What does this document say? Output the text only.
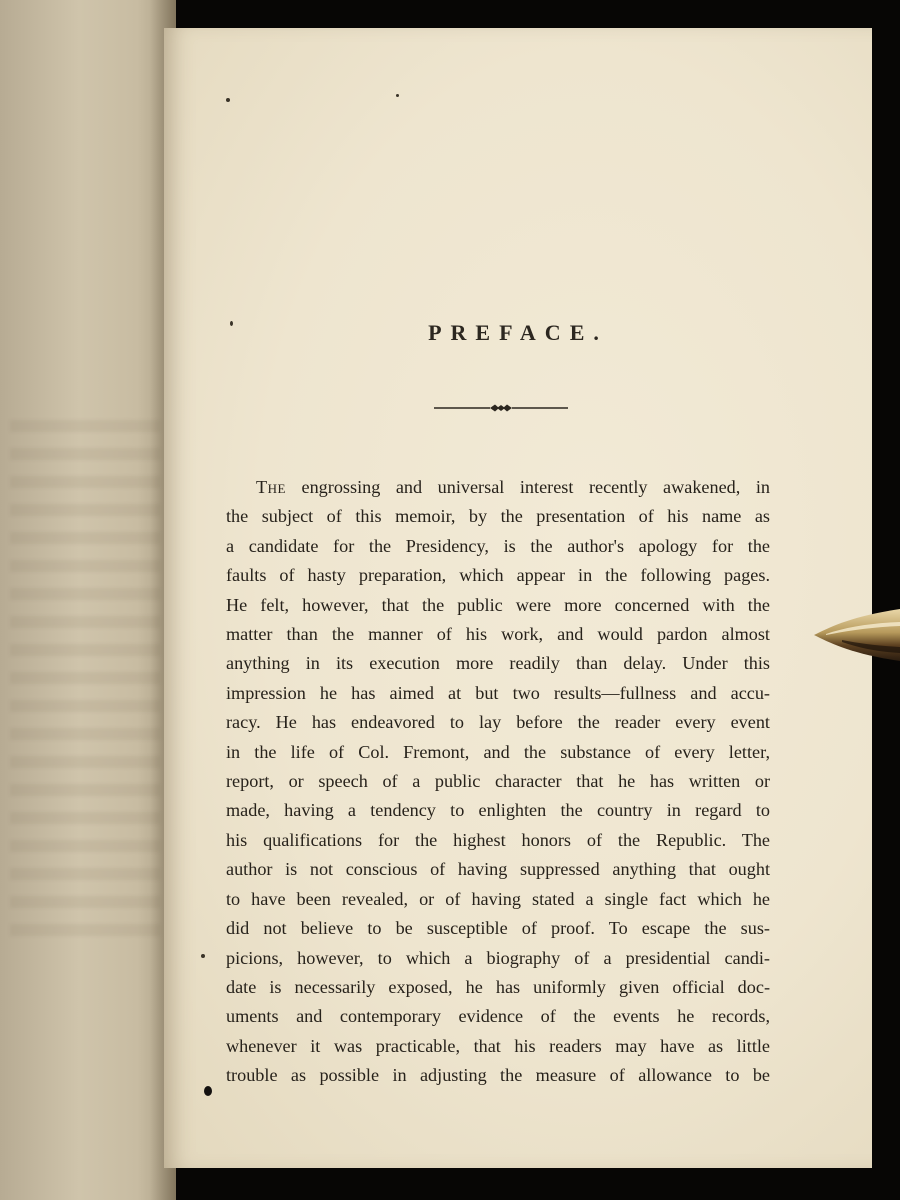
PREFACE.

The engrossing and universal interest recently awakened, in
the subject of this memoir, by the presentation of his name as
a candidate for the Presidency, is the author's apology for the
faults of hasty preparation, which appear in the following pages.
He felt, however, that the public were more concerned with the
matter than the manner of his work, and would pardon almost
anything in its execution more readily than delay. Under this
impression he has aimed at but two results—fullness and accu-
racy. He has endeavored to lay before the reader every event
in the life of Col. Fremont, and the substance of every letter,
report, or speech of a public character that he has written or
made, having a tendency to enlighten the country in regard to
his qualifications for the highest honors of the Republic. The
author is not conscious of having suppressed anything that ought
to have been revealed, or of having stated a single fact which he
did not believe to be susceptible of proof. To escape the sus-
picions, however, to which a biography of a presidential candi-
date is necessarily exposed, he has uniformly given official doc-
uments and contemporary evidence of the events he records,
whenever it was practicable, that his readers may have as little
trouble as possible in adjusting the measure of allowance to be
